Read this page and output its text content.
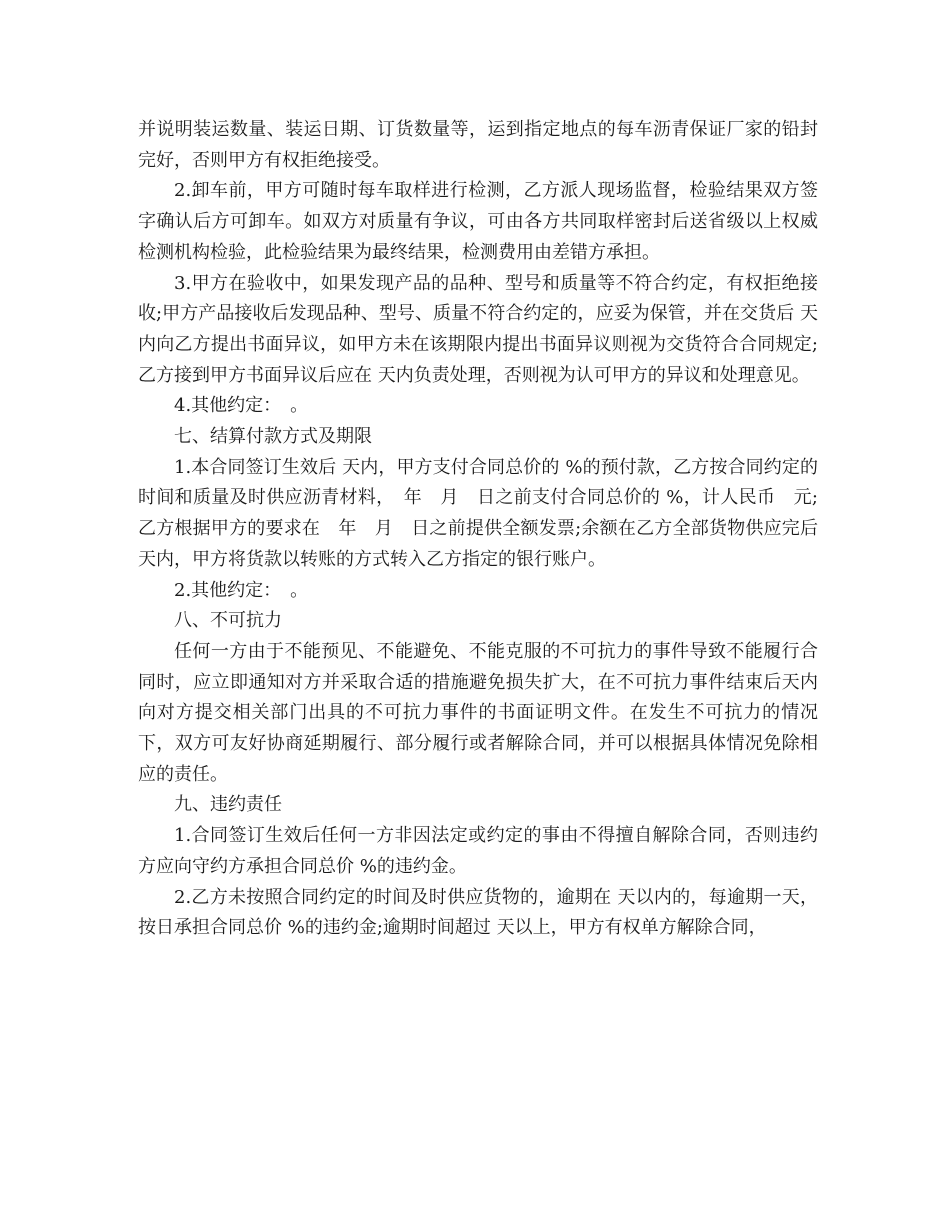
并说明装运数量、装运日期、订货数量等，运到指定地点的每车沥青保证厂家的铅封完好，否则甲方有权拒绝接受。

2.卸车前，甲方可随时每车取样进行检测，乙方派人现场监督，检验结果双方签字确认后方可卸车。如双方对质量有争议，可由各方共同取样密封后送省级以上权威检测机构检验，此检验结果为最终结果，检测费用由差错方承担。

3.甲方在验收中，如果发现产品的品种、型号和质量等不符合约定，有权拒绝接收;甲方产品接收后发现品种、型号、质量不符合约定的，应妥为保管，并在交货后 天内向乙方提出书面异议，如甲方未在该期限内提出书面异议则视为交货符合合同规定;乙方接到甲方书面异议后应在 天内负责处理，否则视为认可甲方的异议和处理意见。

4.其他约定：　。

七、结算付款方式及期限

1.本合同签订生效后 天内，甲方支付合同总价的 %的预付款，乙方按合同约定的时间和质量及时供应沥青材料，　年　月　日之前支付合同总价的 %，计人民币　元;乙方根据甲方的要求在　年　月　日之前提供全额发票;余额在乙方全部货物供应完后 天内，甲方将货款以转账的方式转入乙方指定的银行账户。

2.其他约定：　。

八、不可抗力

任何一方由于不能预见、不能避免、不能克服的不可抗力的事件导致不能履行合同时，应立即通知对方并采取合适的措施避免损失扩大，在不可抗力事件结束后天内向对方提交相关部门出具的不可抗力事件的书面证明文件。在发生不可抗力的情况下，双方可友好协商延期履行、部分履行或者解除合同，并可以根据具体情况免除相应的责任。

九、违约责任

1.合同签订生效后任何一方非因法定或约定的事由不得擅自解除合同，否则违约方应向守约方承担合同总价 %的违约金。

2.乙方未按照合同约定的时间及时供应货物的，逾期在 天以内的，每逾期一天，按日承担合同总价 %的违约金;逾期时间超过 天以上，甲方有权单方解除合同，
